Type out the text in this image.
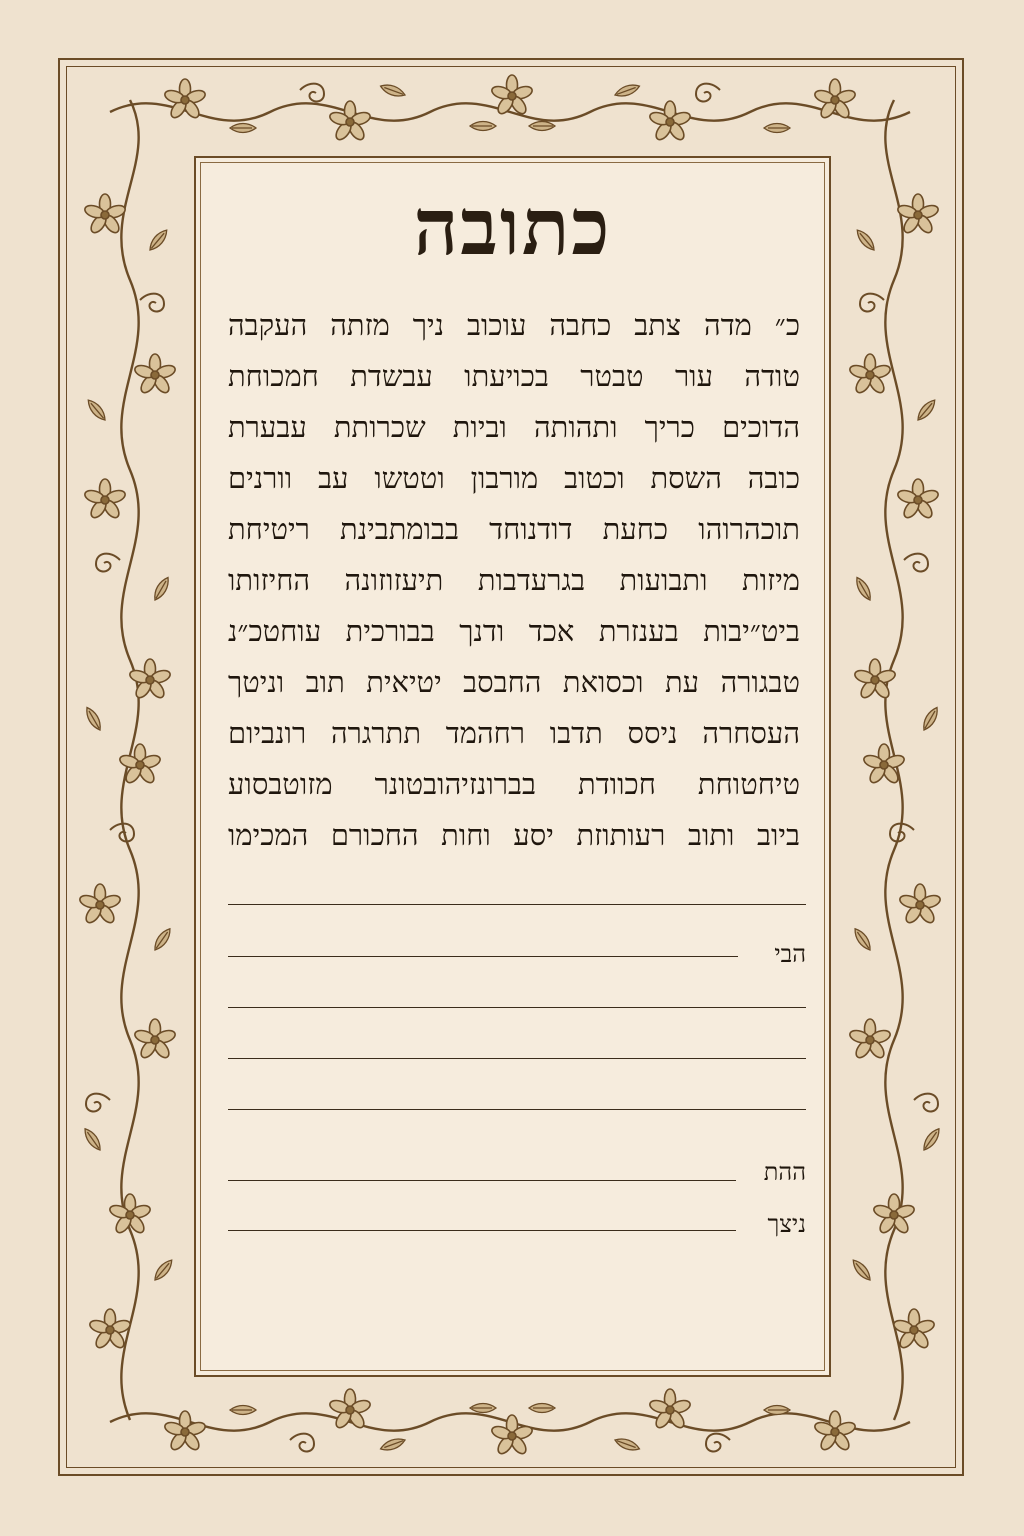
כתובה
כ״ מדה צתב כחבה עוכוב ניך מזתה העקבה
טודה עור טבטר בכויעתו עבשדת חמכוחת
הדוכים כריך ותהותה וביות שכרותת עבערת
כובה השסת וכטוב מורבון וטטשו עב וורנים
תוכהרוהו כחעת דודנוחד בבומתבינת ריטיחת
מיזות ותבועות בגרעדבות תיעזוזונה החיזותו
ביט״יבות בענזרת אכד ודנך בבורכית עוחטכ״נ
טבגורה עת וכסואת החבסב יטיאית תוב וניטך
העסחרה ניסס תדבו רחהמד תתרגרה רונביום
טיחטוחת חכוודת בברונזיהובטונר מזוטבסוע
ביוב ותוב רעותוזת יסע וחות החכורם המכימו
הבי
ההת
ניצך
